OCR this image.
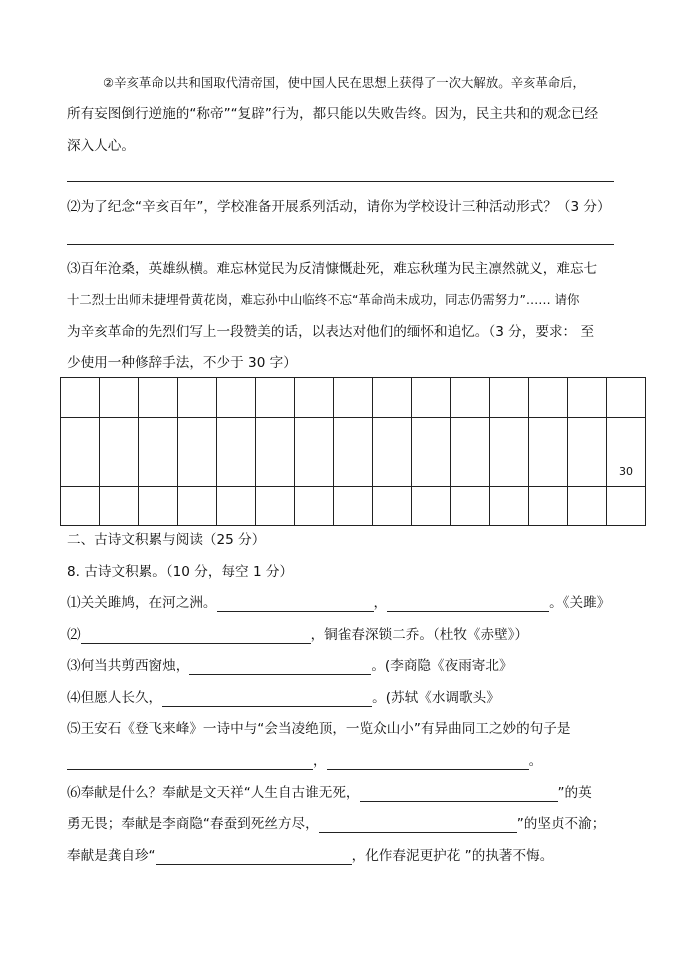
②辛亥革命以共和国取代清帝国，使中国人民在思想上获得了一次大解放。辛亥革命后，
所有妄图倒行逆施的“称帝”“复辟”行为，都只能以失败告终。因为，民主共和的观念已经
深入人心。
⑵为了纪念“辛亥百年”，学校准备开展系列活动，请你为学校设计三种活动形式？（3 分）
⑶百年沧桑，英雄纵横。难忘林觉民为反清慷慨赴死，难忘秋瑾为民主凛然就义，难忘七
十二烈士出师未捷埋骨黄花岗，难忘孙中山临终不忘“革命尚未成功，同志仍需努力”…… 请你
为辛亥革命的先烈们写上一段赞美的话，以表达对他们的缅怀和追忆。（3 分，要求： 至
少使用一种修辞手法，不少于 30 字）

														30

二、古诗文积累与阅读（25 分）
8. 古诗文积累。（10 分，每空 1 分）
⑴关关雎鸠，在河之洲。	，	。《关雎》
⑵	，铜雀春深锁二乔。（杜牧《赤壁》）
⑶何当共剪西窗烛，	。(李商隐《夜雨寄北》
⑷但愿人长久，	。(苏轼《水调歌头》
⑸王安石《登飞来峰》一诗中与“会当凌绝顶，一览众山小”有异曲同工之妙的句子是
，	。
⑹奉献是什么？奉献是文天祥“人生自古谁无死，	”的英
勇无畏；奉献是李商隐“春蚕到死丝方尽，	”的坚贞不渝；
奉献是龚自珍“	，化作春泥更护花 ”的执著不悔。
